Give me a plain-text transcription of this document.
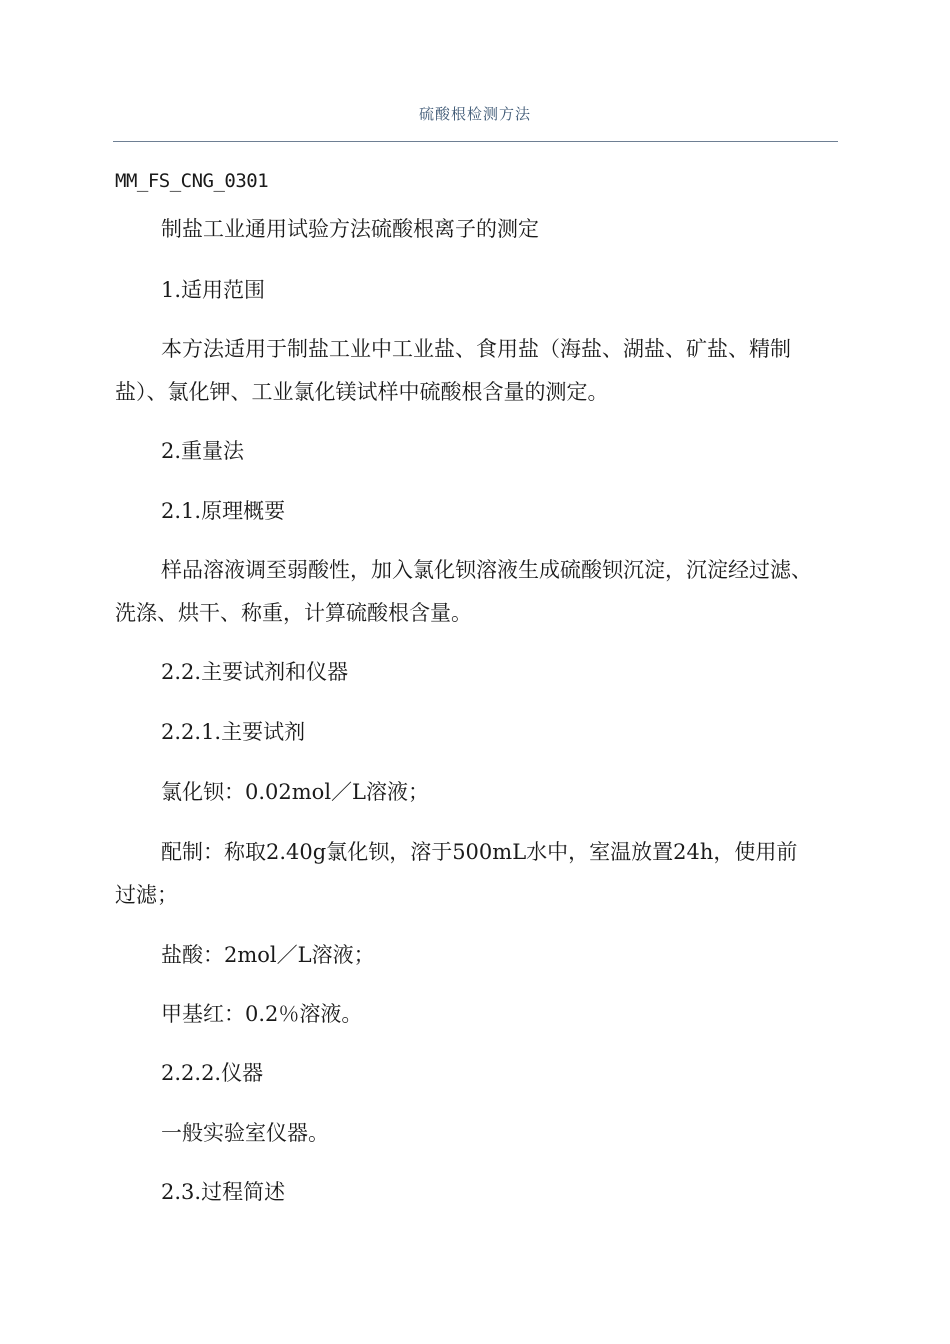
硫酸根检测方法
MM_FS_CNG_0301
制盐工业通用试验方法硫酸根离子的测定
1.适用范围
本方法适用于制盐工业中工业盐、食用盐（海盐、湖盐、矿盐、精制
盐）、氯化钾、工业氯化镁试样中硫酸根含量的测定。
2.重量法
2.1.原理概要
样品溶液调至弱酸性，加入氯化钡溶液生成硫酸钡沉淀，沉淀经过滤、
洗涤、烘干、称重，计算硫酸根含量。
2.2.主要试剂和仪器
2.2.1.主要试剂
氯化钡：0.02mol／L溶液；
配制：称取2.40g氯化钡，溶于500mL水中，室温放置24h，使用前
过滤；
盐酸：2mol／L溶液；
甲基红：0.2％溶液。
2.2.2.仪器
一般实验室仪器。
2.3.过程简述
